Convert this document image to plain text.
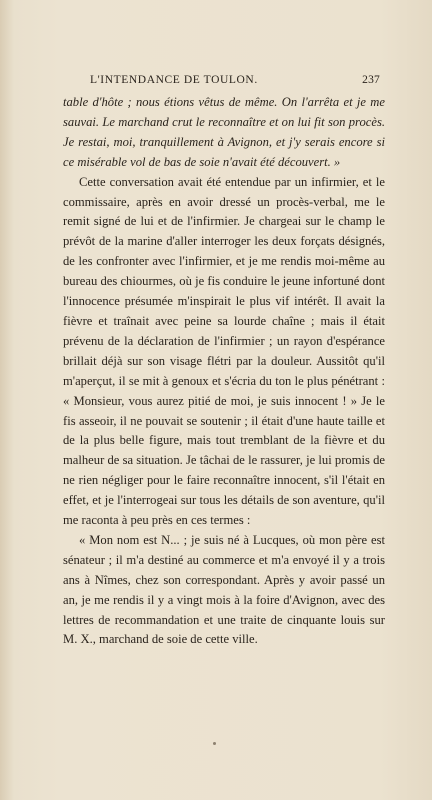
L'INTENDANCE DE TOULON.	237

table d'hôte ; nous étions vêtus de même. On l'arrêta et je me sauvai. Le marchand crut le reconnaître et on lui fit son procès. Je restai, moi, tranquillement à Avignon, et j'y serais encore si ce misérable vol de bas de soie n'avait été découvert. »

Cette conversation avait été entendue par un infirmier, et le commissaire, après en avoir dressé un procès-verbal, me le remit signé de lui et de l'infirmier. Je chargeai sur le champ le prévôt de la marine d'aller interroger les deux forçats désignés, de les confronter avec l'infirmier, et je me rendis moi-même au bureau des chiourmes, où je fis conduire le jeune infortuné dont l'innocence présumée m'inspirait le plus vif intérêt. Il avait la fièvre et traînait avec peine sa lourde chaîne ; mais il était prévenu de la déclaration de l'infirmier ; un rayon d'espérance brillait déjà sur son visage flétri par la douleur. Aussitôt qu'il m'aperçut, il se mit à genoux et s'écria du ton le plus pénétrant : « Monsieur, vous aurez pitié de moi, je suis innocent ! » Je le fis asseoir, il ne pouvait se soutenir ; il était d'une haute taille et de la plus belle figure, mais tout tremblant de la fièvre et du malheur de sa situation. Je tâchai de le rassurer, je lui promis de ne rien négliger pour le faire reconnaître innocent, s'il l'était en effet, et je l'interrogeai sur tous les détails de son aventure, qu'il me raconta à peu près en ces termes :

« Mon nom est N... ; je suis né à Lucques, où mon père est sénateur ; il m'a destiné au commerce et m'a envoyé il y a trois ans à Nîmes, chez son correspondant. Après y avoir passé un an, je me rendis il y a vingt mois à la foire d'Avignon, avec des lettres de recommandation et une traite de cinquante louis sur M. X., marchand de soie de cette ville.
